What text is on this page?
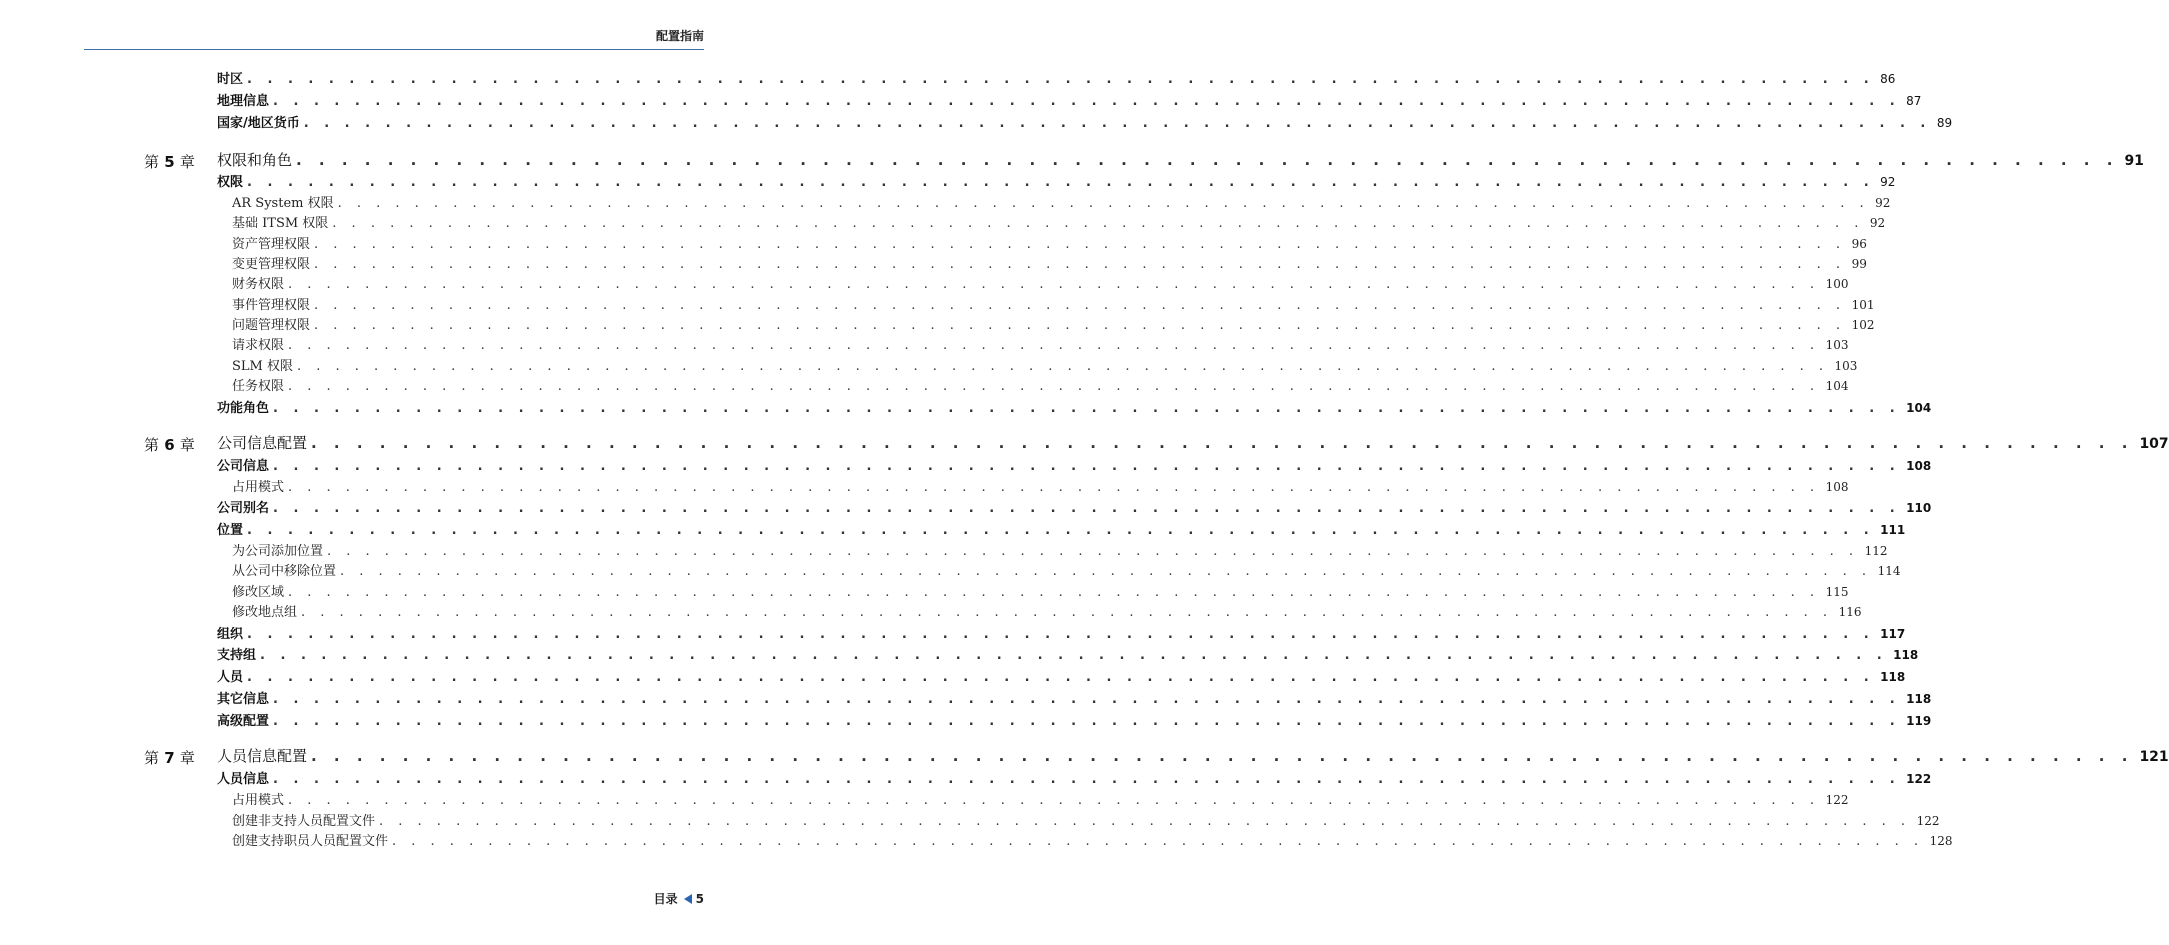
配置指南
时区 . . . . . . . . . . . . . . . . . . . . . . . . . . . . . . . . . . . . . . . . . . . . . . . . . . . . . . . . . . . . . . . . . . . . . . . . . . . . . . . . 86
地理信息 . . . . . . . . . . . . . . . . . . . . . . . . . . . . . . . . . . . . . . . . . . . . . . . . . . . . . . . . . . . . . . . . . . . . . . . . . . . . . . . . 87
国家/地区货币 . . . . . . . . . . . . . . . . . . . . . . . . . . . . . . . . . . . . . . . . . . . . . . . . . . . . . . . . . . . . . . . . . . . . . . . . . . . . . . . . 89
第 5 章 权限和角色 . . . . . . . . . . . . . . . . . . . . . . . . . . . . . . . . . . . . . . . . . . . . . . . . . . . . . . . . . . . . . . . . . . . . . . . . . . . . . . . . 91
权限 . . . . . . . . . . . . . . . . . . . . . . . . . . . . . . . . . . . . . . . . . . . . . . . . . . . . . . . . . . . . . . . . . . . . . . . . . . . . . . . . 92
AR System 权限 . . . . . . . . . . . . . . . . . . . . . . . . . . . . . . . . . . . . . . . . . . . . . . . . . . . . . . . . . . . . . . . . . . . . . . . . . . . . . . . . 92
基础 ITSM 权限 . . . . . . . . . . . . . . . . . . . . . . . . . . . . . . . . . . . . . . . . . . . . . . . . . . . . . . . . . . . . . . . . . . . . . . . . . . . . . . . . 92
资产管理权限 . . . . . . . . . . . . . . . . . . . . . . . . . . . . . . . . . . . . . . . . . . . . . . . . . . . . . . . . . . . . . . . . . . . . . . . . . . . . . . . . 96
变更管理权限 . . . . . . . . . . . . . . . . . . . . . . . . . . . . . . . . . . . . . . . . . . . . . . . . . . . . . . . . . . . . . . . . . . . . . . . . . . . . . . . . 99
财务权限 . . . . . . . . . . . . . . . . . . . . . . . . . . . . . . . . . . . . . . . . . . . . . . . . . . . . . . . . . . . . . . . . . . . . . . . . . . . . . . . . 100
事件管理权限 . . . . . . . . . . . . . . . . . . . . . . . . . . . . . . . . . . . . . . . . . . . . . . . . . . . . . . . . . . . . . . . . . . . . . . . . . . . . . . . . 101
问题管理权限 . . . . . . . . . . . . . . . . . . . . . . . . . . . . . . . . . . . . . . . . . . . . . . . . . . . . . . . . . . . . . . . . . . . . . . . . . . . . . . . . 102
请求权限 . . . . . . . . . . . . . . . . . . . . . . . . . . . . . . . . . . . . . . . . . . . . . . . . . . . . . . . . . . . . . . . . . . . . . . . . . . . . . . . . 103
SLM 权限 . . . . . . . . . . . . . . . . . . . . . . . . . . . . . . . . . . . . . . . . . . . . . . . . . . . . . . . . . . . . . . . . . . . . . . . . . . . . . . . . 103
任务权限 . . . . . . . . . . . . . . . . . . . . . . . . . . . . . . . . . . . . . . . . . . . . . . . . . . . . . . . . . . . . . . . . . . . . . . . . . . . . . . . . 104
功能角色 . . . . . . . . . . . . . . . . . . . . . . . . . . . . . . . . . . . . . . . . . . . . . . . . . . . . . . . . . . . . . . . . . . . . . . . . . . . . . . . . 104
第 6 章 公司信息配置 . . . . . . . . . . . . . . . . . . . . . . . . . . . . . . . . . . . . . . . . . . . . . . . . . . . . . . . . . . . . . . . . . . . . . . . . . . . . . . . . 107
公司信息 . . . . . . . . . . . . . . . . . . . . . . . . . . . . . . . . . . . . . . . . . . . . . . . . . . . . . . . . . . . . . . . . . . . . . . . . . . . . . . . . 108
占用模式 . . . . . . . . . . . . . . . . . . . . . . . . . . . . . . . . . . . . . . . . . . . . . . . . . . . . . . . . . . . . . . . . . . . . . . . . . . . . . . . . 108
公司别名 . . . . . . . . . . . . . . . . . . . . . . . . . . . . . . . . . . . . . . . . . . . . . . . . . . . . . . . . . . . . . . . . . . . . . . . . . . . . . . . . 110
位置 . . . . . . . . . . . . . . . . . . . . . . . . . . . . . . . . . . . . . . . . . . . . . . . . . . . . . . . . . . . . . . . . . . . . . . . . . . . . . . . . 111
为公司添加位置 . . . . . . . . . . . . . . . . . . . . . . . . . . . . . . . . . . . . . . . . . . . . . . . . . . . . . . . . . . . . . . . . . . . . . . . . . . . . . . . . 112
从公司中移除位置 . . . . . . . . . . . . . . . . . . . . . . . . . . . . . . . . . . . . . . . . . . . . . . . . . . . . . . . . . . . . . . . . . . . . . . . . . . . . . . . . 114
修改区域 . . . . . . . . . . . . . . . . . . . . . . . . . . . . . . . . . . . . . . . . . . . . . . . . . . . . . . . . . . . . . . . . . . . . . . . . . . . . . . . . 115
修改地点组 . . . . . . . . . . . . . . . . . . . . . . . . . . . . . . . . . . . . . . . . . . . . . . . . . . . . . . . . . . . . . . . . . . . . . . . . . . . . . . . . 116
组织 . . . . . . . . . . . . . . . . . . . . . . . . . . . . . . . . . . . . . . . . . . . . . . . . . . . . . . . . . . . . . . . . . . . . . . . . . . . . . . . . 117
支持组 . . . . . . . . . . . . . . . . . . . . . . . . . . . . . . . . . . . . . . . . . . . . . . . . . . . . . . . . . . . . . . . . . . . . . . . . . . . . . . . . 118
人员 . . . . . . . . . . . . . . . . . . . . . . . . . . . . . . . . . . . . . . . . . . . . . . . . . . . . . . . . . . . . . . . . . . . . . . . . . . . . . . . . 118
其它信息 . . . . . . . . . . . . . . . . . . . . . . . . . . . . . . . . . . . . . . . . . . . . . . . . . . . . . . . . . . . . . . . . . . . . . . . . . . . . . . . . 118
高级配置 . . . . . . . . . . . . . . . . . . . . . . . . . . . . . . . . . . . . . . . . . . . . . . . . . . . . . . . . . . . . . . . . . . . . . . . . . . . . . . . . 119
第 7 章 人员信息配置 . . . . . . . . . . . . . . . . . . . . . . . . . . . . . . . . . . . . . . . . . . . . . . . . . . . . . . . . . . . . . . . . . . . . . . . . . . . . . . . . 121
人员信息 . . . . . . . . . . . . . . . . . . . . . . . . . . . . . . . . . . . . . . . . . . . . . . . . . . . . . . . . . . . . . . . . . . . . . . . . . . . . . . . . 122
占用模式 . . . . . . . . . . . . . . . . . . . . . . . . . . . . . . . . . . . . . . . . . . . . . . . . . . . . . . . . . . . . . . . . . . . . . . . . . . . . . . . . 122
创建非支持人员配置文件 . . . . . . . . . . . . . . . . . . . . . . . . . . . . . . . . . . . . . . . . . . . . . . . . . . . . . . . . . . . . . . . . . . . . . . . . . . . . . . . . 122
创建支持职员人员配置文件 . . . . . . . . . . . . . . . . . . . . . . . . . . . . . . . . . . . . . . . . . . . . . . . . . . . . . . . . . . . . . . . . . . . . . . . . . . . . . . . . 128
目录 5
